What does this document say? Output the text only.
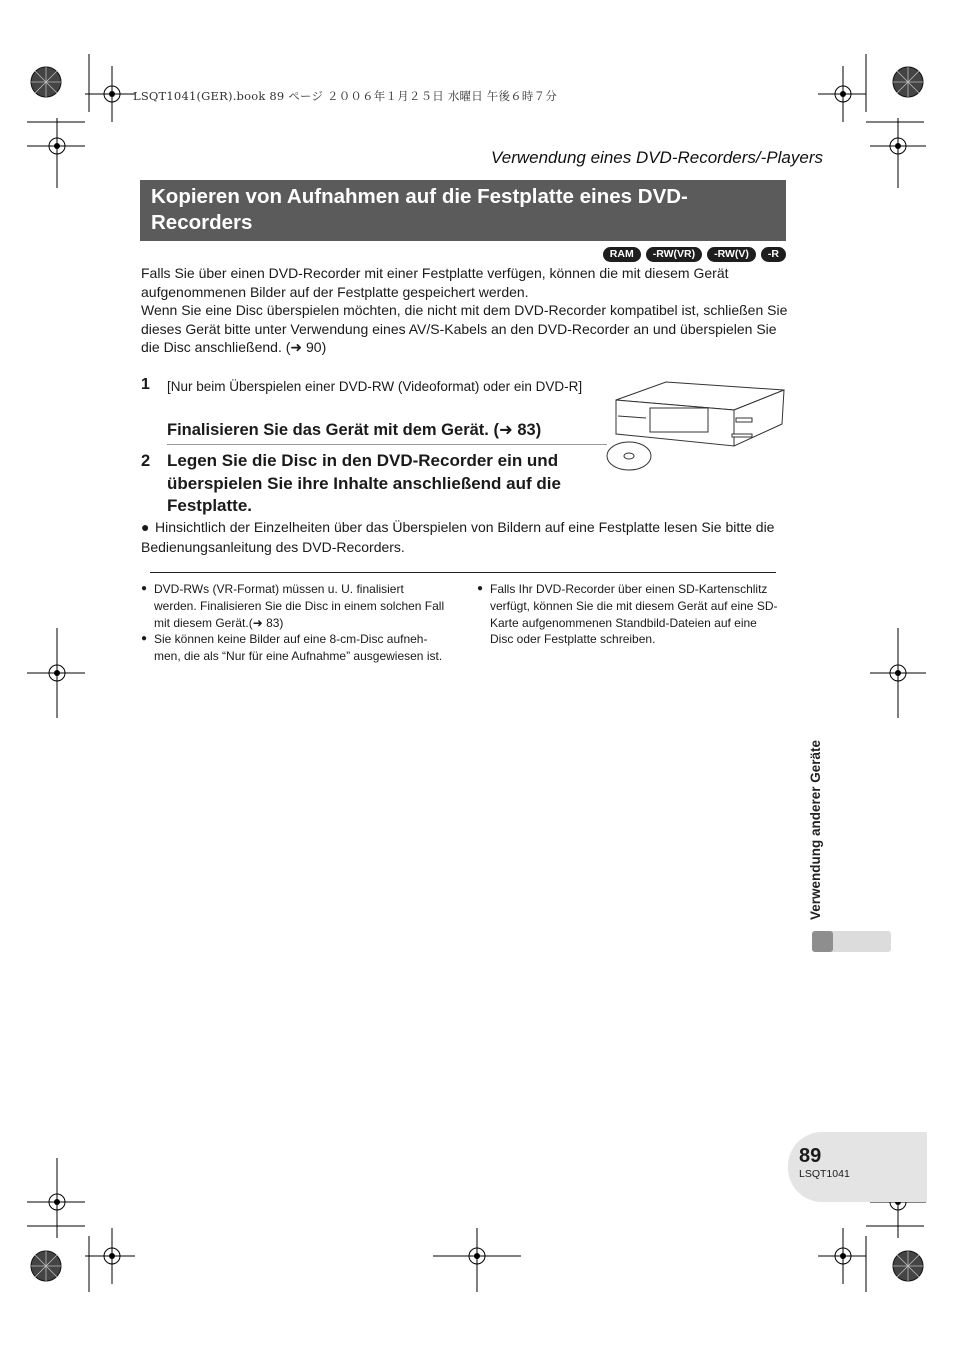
LSQT1041(GER).book 89 ページ ２００６年１月２５日 水曜日 午後６時７分
Verwendung eines DVD-Recorders/-Players
Kopieren von Aufnahmen auf die Festplatte eines DVD-Recorders
RAM	-RW(VR)	-RW(V)	-R

Falls Sie über einen DVD-Recorder mit einer Festplatte verfügen, können die mit diesem Gerät aufgenommenen Bilder auf der Festplatte gespeichert werden.

Wenn Sie eine Disc überspielen möchten, die nicht mit dem DVD-Recorder kompatibel ist, schließen Sie dieses Gerät bitte unter Verwendung eines AV/S-Kabels an den DVD-Recorder an und überspielen Sie die Disc anschließend. (➜ 90)

1 [Nur beim Überspielen einer DVD-RW (Videoformat) oder ein DVD-R]
Finalisieren Sie das Gerät mit dem Gerät. (➜ 83)
2 Legen Sie die Disc in den DVD-Recorder ein und überspielen Sie ihre Inhalte anschließend auf die Festplatte.
● Hinsichtlich der Einzelheiten über das Überspielen von Bildern auf eine Festplatte lesen Sie bitte die Bedienungsanleitung des DVD-Recorders.
● DVD-RWs (VR-Format) müssen u. U. finalisiert werden. Finalisieren Sie die Disc in einem solchen Fall mit diesem Gerät.(➜ 83)
● Sie können keine Bilder auf eine 8-cm-Disc aufneh-men, die als “Nur für eine Aufnahme” ausgewiesen ist.
● Falls Ihr DVD-Recorder über einen SD-Kartenschlitz verfügt, können Sie die mit diesem Gerät auf eine SD-Karte aufgenommenen Standbild-Dateien auf eine Disc oder Festplatte schreiben.
Verwendung anderer Geräte
89
LSQT1041
